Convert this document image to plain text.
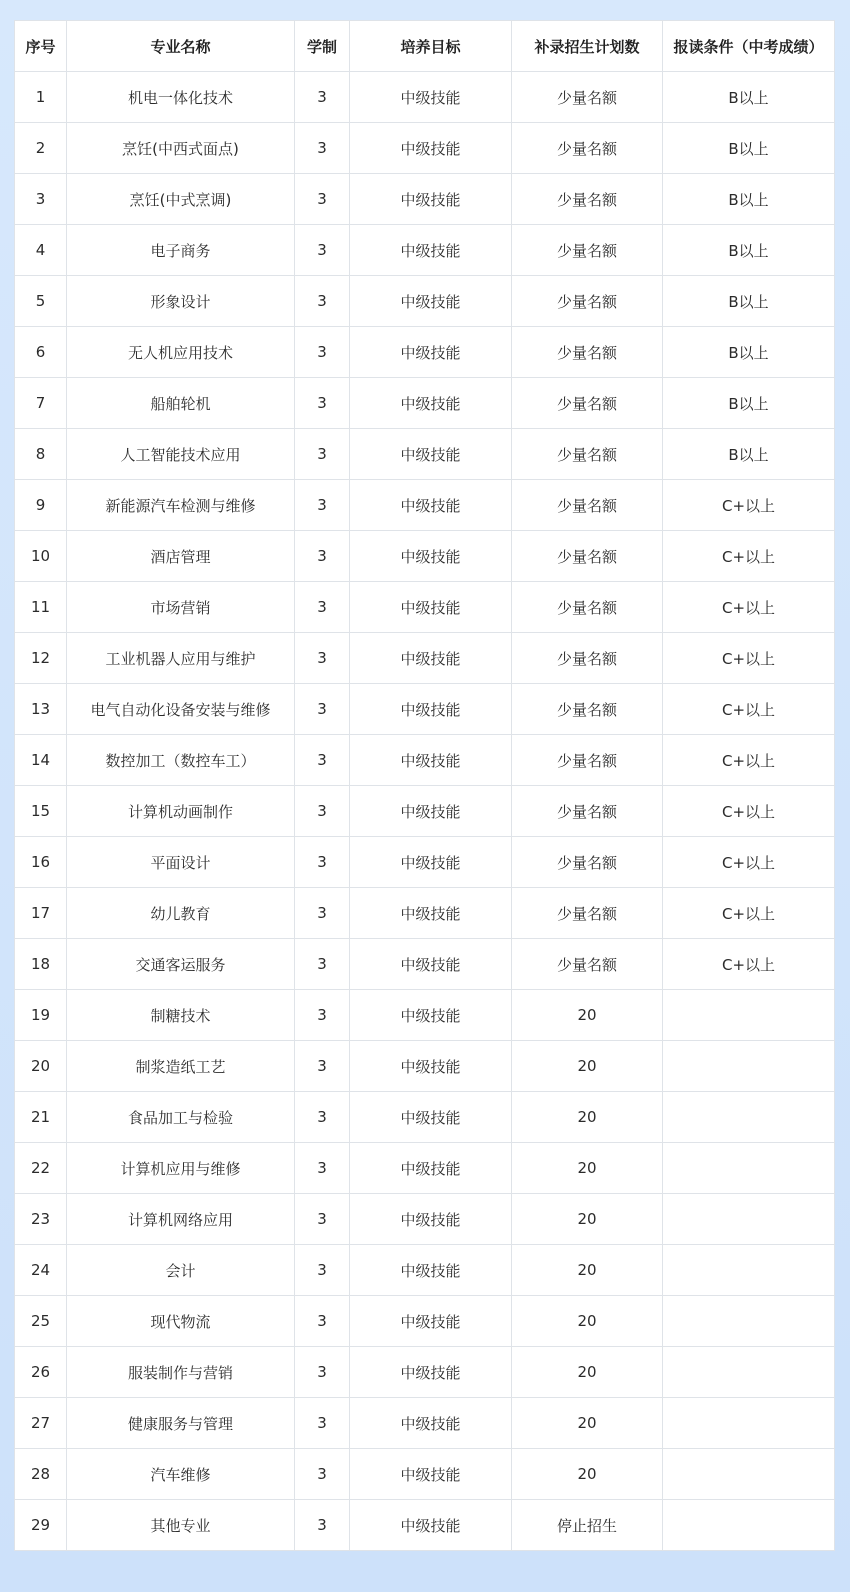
序号	专业名称	学制	培养目标	补录招生计划数	报读条件（中考成绩）
1	机电一体化技术	3	中级技能	少量名额	B以上
2	烹饪(中西式面点)	3	中级技能	少量名额	B以上
3	烹饪(中式烹调)	3	中级技能	少量名额	B以上
4	电子商务	3	中级技能	少量名额	B以上
5	形象设计	3	中级技能	少量名额	B以上
6	无人机应用技术	3	中级技能	少量名额	B以上
7	船舶轮机	3	中级技能	少量名额	B以上
8	人工智能技术应用	3	中级技能	少量名额	B以上
9	新能源汽车检测与维修	3	中级技能	少量名额	C+以上
10	酒店管理	3	中级技能	少量名额	C+以上
11	市场营销	3	中级技能	少量名额	C+以上
12	工业机器人应用与维护	3	中级技能	少量名额	C+以上
13	电气自动化设备安装与维修	3	中级技能	少量名额	C+以上
14	数控加工（数控车工）	3	中级技能	少量名额	C+以上
15	计算机动画制作	3	中级技能	少量名额	C+以上
16	平面设计	3	中级技能	少量名额	C+以上
17	幼儿教育	3	中级技能	少量名额	C+以上
18	交通客运服务	3	中级技能	少量名额	C+以上
19	制糖技术	3	中级技能	20	
20	制浆造纸工艺	3	中级技能	20	
21	食品加工与检验	3	中级技能	20	
22	计算机应用与维修	3	中级技能	20	
23	计算机网络应用	3	中级技能	20	
24	会计	3	中级技能	20	
25	现代物流	3	中级技能	20	
26	服装制作与营销	3	中级技能	20	
27	健康服务与管理	3	中级技能	20	
28	汽车维修	3	中级技能	20	
29	其他专业	3	中级技能	停止招生	
